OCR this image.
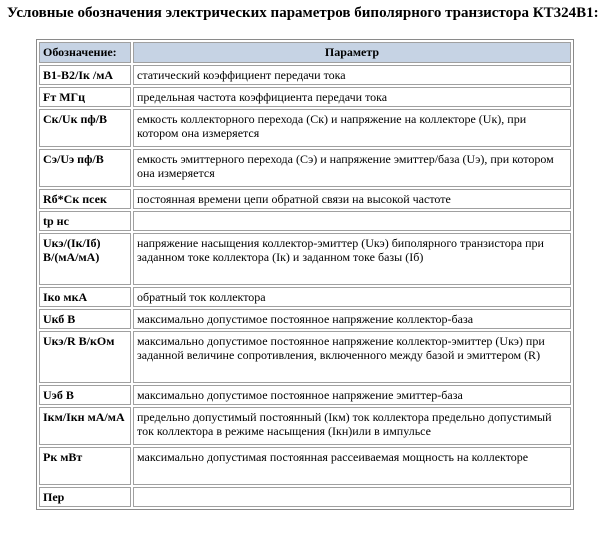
Условные обозначения электрических параметров биполярного транзистора КТ324В1:
Обозначение:	Параметр
B1-B2/Iк /мА	статический коэффициент передачи тока
Fт МГц	предельная частота коэффициента передачи тока
Ск/Uк пф/В	емкость коллекторного перехода (Ск) и напряжение на коллекторе (Uк), при котором она измеряется
Сэ/Uэ пф/В	емкость эмиттерного перехода (Сэ) и напряжение эмиттер/база (Uэ), при котором она измеряется
Rб*Ск псек	постоянная времени цепи обратной связи на высокой частоте
tр нс	
Uкэ/(Iк/Iб) В/(мА/мА)	напряжение насыщения коллектор-эмиттер (Uкэ) биполярного транзистора при заданном токе коллектора (Iк) и заданном токе базы (Iб)
Iко мкА	обратный ток коллектора
Uкб В	максимально допустимое постоянное напряжение коллектор-база
Uкэ/R В/кОм	максимально допустимое постоянное напряжение коллектор-эмиттер (Uкэ) при заданной величине сопротивления, включенного между базой и эмиттером (R)
Uэб В	максимально допустимое постоянное напряжение эмиттер-база
Iкм/Iкн мА/мА	предельно допустимый постоянный (Iкм) ток коллектора предельно допустимый ток коллектора в режиме насыщения (Iкн)или в импульсе
Рк мВт	максимально допустимая постоянная рассеиваемая мощность на коллекторе
Пер	
